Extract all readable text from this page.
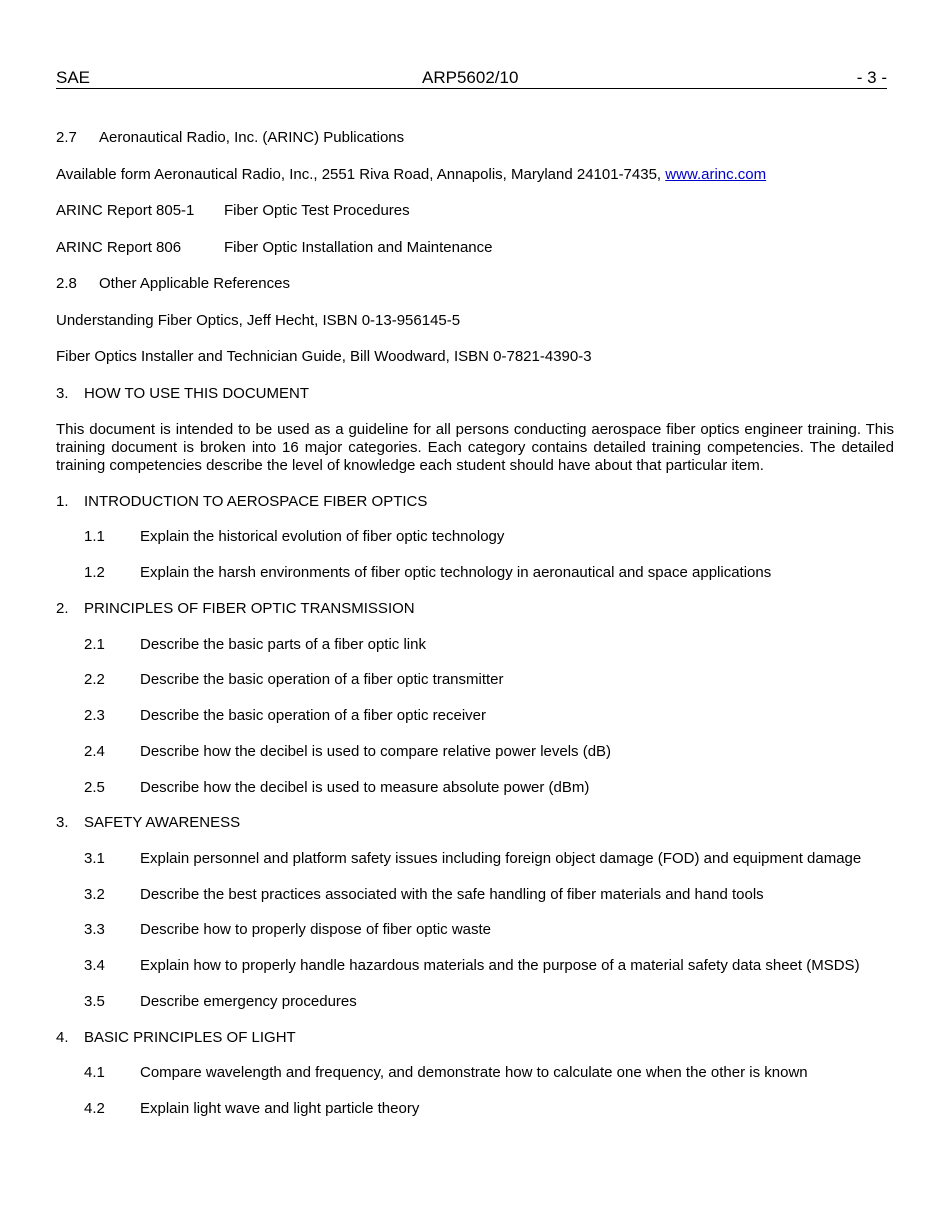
SAE	ARP5602/10	- 3 -
2.7 Aeronautical Radio, Inc. (ARINC) Publications
Available form Aeronautical Radio, Inc., 2551 Riva Road, Annapolis, Maryland 24101-7435, www.arinc.com
ARINC Report 805-1 Fiber Optic Test Procedures
ARINC Report 806	Fiber Optic Installation and Maintenance
2.8 Other Applicable References
Understanding Fiber Optics, Jeff Hecht, ISBN 0-13-956145-5
Fiber Optics Installer and Technician Guide, Bill Woodward, ISBN 0-7821-4390-3
3. HOW TO USE THIS DOCUMENT
This document is intended to be used as a guideline for all persons conducting aerospace fiber optics engineer training. This training document is broken into 16 major categories. Each category contains detailed training competencies. The detailed training competencies describe the level of knowledge each student should have about that particular item.
1. INTRODUCTION TO AEROSPACE FIBER OPTICS
1.1 Explain the historical evolution of fiber optic technology
1.2 Explain the harsh environments of fiber optic technology in aeronautical and space applications
2. PRINCIPLES OF FIBER OPTIC TRANSMISSION
2.1 Describe the basic parts of a fiber optic link
2.2 Describe the basic operation of a fiber optic transmitter
2.3 Describe the basic operation of a fiber optic receiver
2.4 Describe how the decibel is used to compare relative power levels (dB)
2.5 Describe how the decibel is used to measure absolute power (dBm)
3. SAFETY AWARENESS
3.1 Explain personnel and platform safety issues including foreign object damage (FOD) and equipment damage
3.2 Describe the best practices associated with the safe handling of fiber materials and hand tools
3.3 Describe how to properly dispose of fiber optic waste
3.4 Explain how to properly handle hazardous materials and the purpose of a material safety data sheet (MSDS)
3.5 Describe emergency procedures
4. BASIC PRINCIPLES OF LIGHT
4.1 Compare wavelength and frequency, and demonstrate how to calculate one when the other is known
4.2 Explain light wave and light particle theory
